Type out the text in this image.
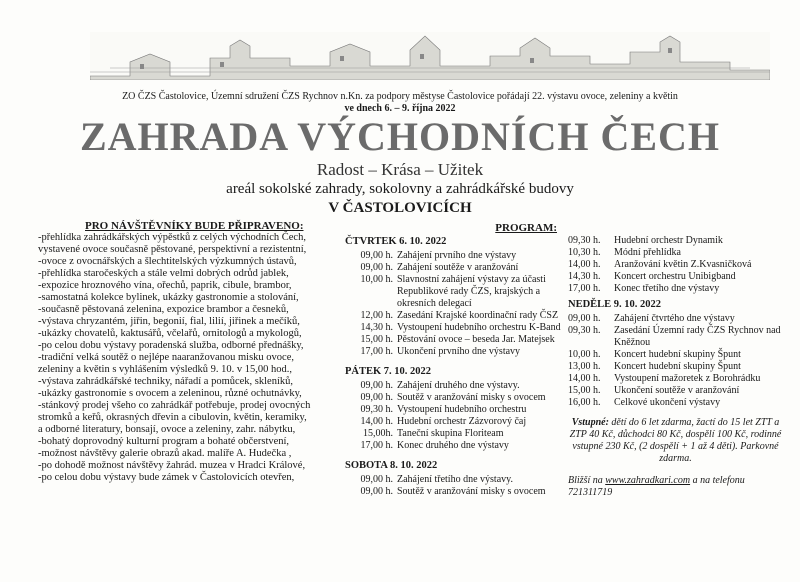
ZO ČZS Častolovice, Územní sdružení ČZS Rychnov n.Kn. za podpory městyse Častolovice pořádají 22. výstavu ovoce, zeleniny a květin
ve dnech 6. – 9. října 2022
ZAHRADA VÝCHODNÍCH ČECH
Radost – Krása – Užitek
areál sokolské zahrady, sokolovny a zahrádkářské budovy
V ČASTOLOVICÍCH
PRO NÁVŠTĚVNÍKY BUDE PŘIPRAVENO:
-přehlídka zahrádkářských výpěstků z celých východních Čech,
vystavené ovoce současně pěstované, perspektivní a rezistentní,
-ovoce z ovocnářských a šlechtitelských výzkumných ústavů,
-přehlídka staročeských a stále velmi dobrých odrůd jablek,
-expozice hroznového vína, ořechů, paprik, cibule, brambor,
-samostatná kolekce bylinek, ukázky gastronomie a stolování,
-současně pěstovaná zelenina, expozice brambor a česneků,
-výstava chryzantém, jiřin, begonií, fial, lilií, jiřinek a mečíků,
-ukázky chovatelů, kaktusářů, včelařů, ornitologů a mykologů,
-po celou dobu výstavy poradenská služba, odborné přednášky,
-tradiční velká soutěž o nejlépe naaranžovanou misku ovoce,
zeleniny a květin s vyhlášením výsledků 9. 10. v 15,00 hod.,
-výstava zahrádkářské techniky, nářadí a pomůcek, skleníků,
-ukázky gastronomie s ovocem a zeleninou, různé ochutnávky,
-stánkový prodej všeho co zahrádkář potřebuje, prodej ovocných
stromků a keřů, okrasných dřevin a cibulovin, květin, keramiky,
a odborné literatury, bonsají, ovoce a zeleniny, zahr. nábytku,
-bohatý doprovodný kulturní program a bohaté občerstvení,
-možnost návštěvy galerie obrazů akad. malíře A. Hudečka ,
-po dohodě možnost návštěvy žahrád. muzea v Hradci Králové,
-po celou dobu výstavy bude zámek v Častolovicích otevřen,
PROGRAM:
ČTVRTEK 6. 10. 2022
09,00 h. Zahájení prvního dne výstavy
09,00 h. Zahájení soutěže v aranžování
10,00 h. Slavnostní zahájení výstavy za účasti Republikové rady ČZS, krajských a okresních delegací
12,00 h. Zasedání Krajské koordinační rady ČSZ
14,30 h. Vystoupení hudebního orchestru K-Band
15,00 h. Pěstování ovoce – beseda Jar. Matejsek
17,00 h. Ukončení prvního dne výstavy
PÁTEK 7. 10. 2022
09,00 h. Zahájení druhého dne výstavy.
09,00 h. Soutěž v aranžování misky s ovocem
09,30 h. Vystoupení hudebního orchestru
14,00 h. Hudební orchestr Zázvorový čaj
15,00h. Taneční skupina Floriteam
17,00 h. Konec druhého dne výstavy
SOBOTA 8. 10. 2022
09,00 h. Zahájení třetího dne výstavy.
09,00 h. Soutěž v aranžování misky s ovocem
09,30 h.	Hudební orchestr Dynamik
10,30 h.	Módní přehlídka
14,00 h.	Aranžování květin Z.Kvasničková
14,30 h.	Koncert orchestru Unibigband
17,00 h.	Konec třetího dne výstavy
NEDĚLE 9. 10. 2022
09,00 h.	Zahájení čtvrtého dne výstavy
09,30 h.	Zasedání Územní rady ČZS Rychnov nad Kněžnou
10,00 h.	Koncert hudební skupiny Špunt
13,00 h.	Koncert hudební skupiny Špunt
14,00 h.	Vystoupení mažoretek z Borohrádku
15,00 h.	Ukončení soutěže v aranžování
16,00 h.	Celkové ukončení výstavy
Vstupné: dětí do 6 let zdarma, žactí do 15 let ZTT a ZTP 40 Kč, důchodci 80 Kč, dospělí 100 Kč, rodinné vstupné 230 Kč, (2 dospělí + 1 až 4 děti). Parkovné zdarma.
Bližší na www.zahradkari.com a na telefonu 721311719
